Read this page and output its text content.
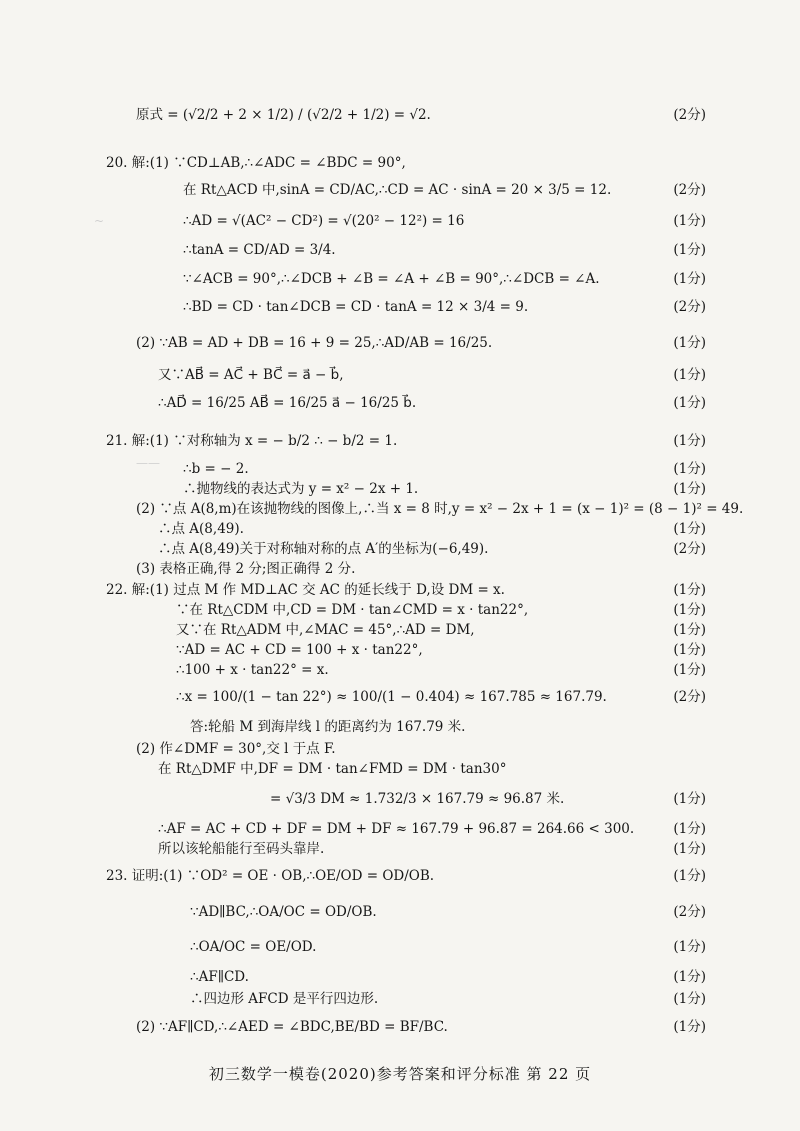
~
——
原式 = (√2/2 + 2 × 1/2) / (√2/2 + 1/2) = √2.	(2分)
20. 解:(1) ∵CD⊥AB,∴∠ADC = ∠BDC = 90°,
在 Rt△ACD 中,sinA = CD/AC,∴CD = AC · sinA = 20 × 3/5 = 12.	(2分)
∴AD = √(AC² − CD²) = √(20² − 12²) = 16	(1分)
∴tanA = CD/AD = 3/4.	(1分)
∵∠ACB = 90°,∴∠DCB + ∠B = ∠A + ∠B = 90°,∴∠DCB = ∠A.	(1分)
∴BD = CD · tan∠DCB = CD · tanA = 12 × 3/4 = 9.	(2分)
(2) ∵AB = AD + DB = 16 + 9 = 25,∴AD/AB = 16/25.	(1分)
又∵AB⃗ = AC⃗ + BC⃗ = a⃗ − b⃗,	(1分)
∴AD⃗ = 16/25 AB⃗ = 16/25 a⃗ − 16/25 b⃗.	(1分)
21. 解:(1) ∵对称轴为 x = − b/2 ∴ − b/2 = 1.	(1分)
∴b = − 2.	(1分)
∴抛物线的表达式为 y = x² − 2x + 1.	(1分)
(2) ∵点 A(8,m)在该抛物线的图像上,∴当 x = 8 时,y = x² − 2x + 1 = (x − 1)² = (8 − 1)² = 49.
∴点 A(8,49).	(1分)
∴点 A(8,49)关于对称轴对称的点 A′的坐标为(−6,49).	(2分)
(3) 表格正确,得 2 分;图正确得 2 分.
22. 解:(1) 过点 M 作 MD⊥AC 交 AC 的延长线于 D,设 DM = x.	(1分)
∵在 Rt△CDM 中,CD = DM · tan∠CMD = x · tan22°,	(1分)
又∵在 Rt△ADM 中,∠MAC = 45°,∴AD = DM,	(1分)
∵AD = AC + CD = 100 + x · tan22°,	(1分)
∴100 + x · tan22° = x.	(1分)
∴x = 100/(1 − tan 22°) ≈ 100/(1 − 0.404) ≈ 167.785 ≈ 167.79.	(2分)
答:轮船 M 到海岸线 l 的距离约为 167.79 米.
(2) 作∠DMF = 30°,交 l 于点 F.
在 Rt△DMF 中,DF = DM · tan∠FMD = DM · tan30°
= √3/3 DM ≈ 1.732/3 × 167.79 ≈ 96.87 米.	(1分)
∴AF = AC + CD + DF = DM + DF ≈ 167.79 + 96.87 = 264.66 < 300.	(1分)
所以该轮船能行至码头靠岸.	(1分)
23. 证明:(1) ∵OD² = OE · OB,∴OE/OD = OD/OB.	(1分)
∵AD∥BC,∴OA/OC = OD/OB.	(2分)
∴OA/OC = OE/OD.	(1分)
∴AF∥CD.	(1分)
∴四边形 AFCD 是平行四边形.	(1分)
(2) ∵AF∥CD,∴∠AED = ∠BDC,BE/BD = BF/BC.	(1分)
初三数学一模卷(2020)参考答案和评分标准 第 22 页
